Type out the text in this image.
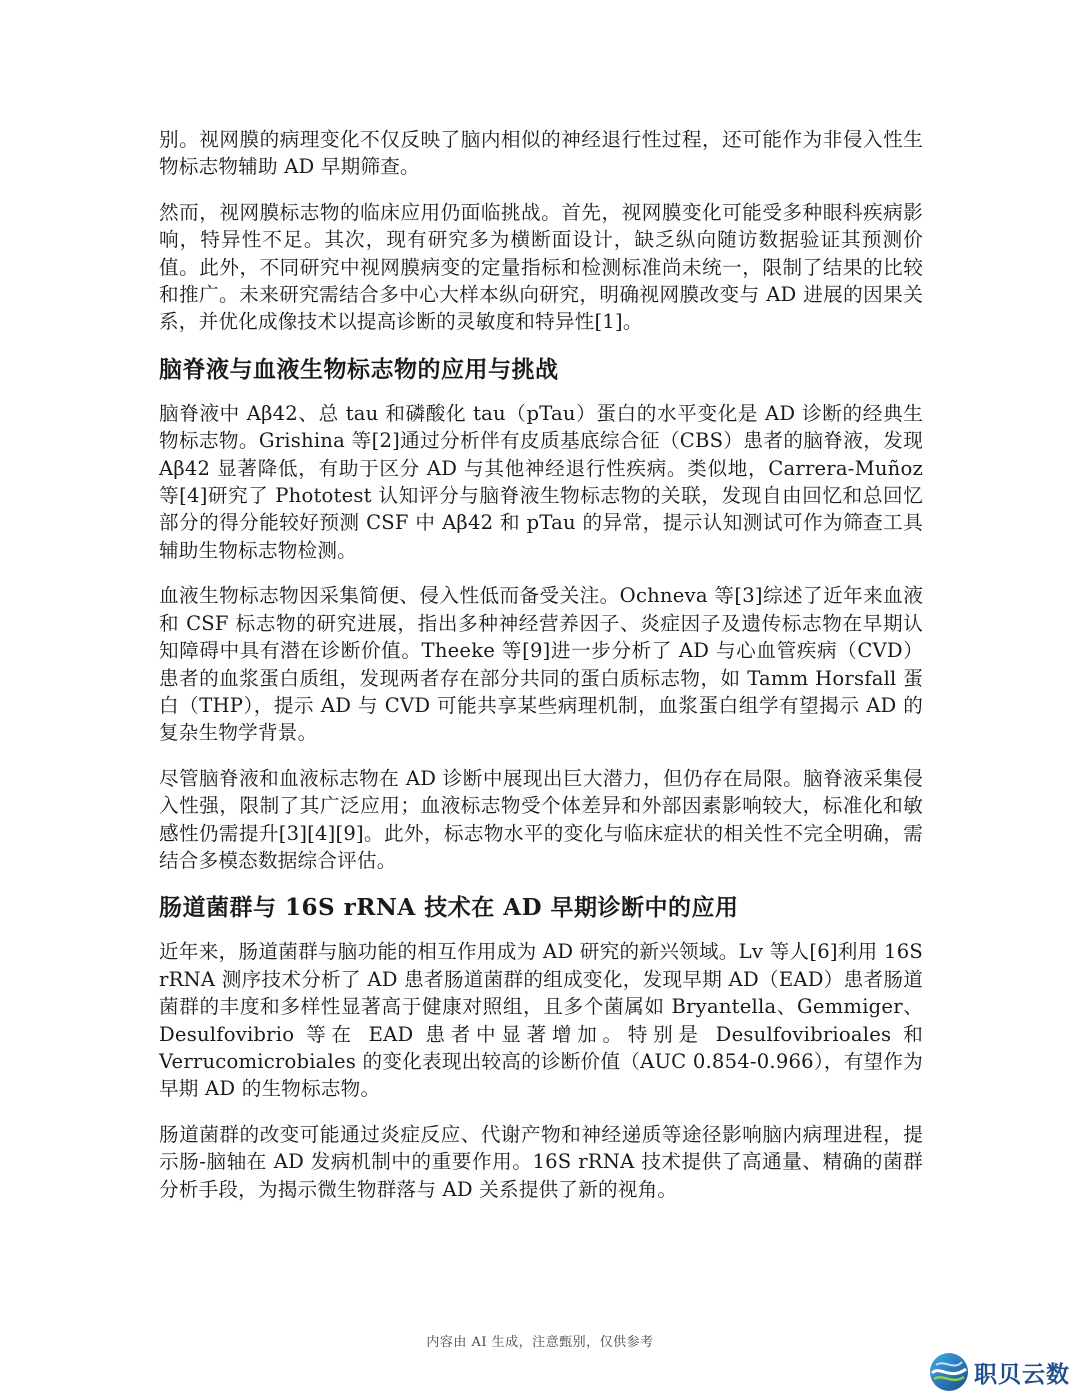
别。视网膜的病理变化不仅反映了脑内相似的神经退行性过程，还可能作为非侵入性生物标志物辅助 AD 早期筛查。

然而，视网膜标志物的临床应用仍面临挑战。首先，视网膜变化可能受多种眼科疾病影响，特异性不足。其次，现有研究多为横断面设计，缺乏纵向随访数据验证其预测价值。此外，不同研究中视网膜病变的定量指标和检测标准尚未统一，限制了结果的比较和推广。未来研究需结合多中心大样本纵向研究，明确视网膜改变与 AD 进展的因果关系，并优化成像技术以提高诊断的灵敏度和特异性[1]。

脑脊液与血液生物标志物的应用与挑战

脑脊液中 Aβ42、总 tau 和磷酸化 tau（pTau）蛋白的水平变化是 AD 诊断的经典生物标志物。Grishina 等[2]通过分析伴有皮质基底综合征（CBS）患者的脑脊液，发现 Aβ42 显著降低，有助于区分 AD 与其他神经退行性疾病。类似地，Carrera-Muñoz 等[4]研究了 Phototest 认知评分与脑脊液生物标志物的关联，发现自由回忆和总回忆部分的得分能较好预测 CSF 中 Aβ42 和 pTau 的异常，提示认知测试可作为筛查工具辅助生物标志物检测。

血液生物标志物因采集简便、侵入性低而备受关注。Ochneva 等[3]综述了近年来血液和 CSF 标志物的研究进展，指出多种神经营养因子、炎症因子及遗传标志物在早期认知障碍中具有潜在诊断价值。Theeke 等[9]进一步分析了 AD 与心血管疾病（CVD）患者的血浆蛋白质组，发现两者存在部分共同的蛋白质标志物，如 Tamm Horsfall 蛋白（THP），提示 AD 与 CVD 可能共享某些病理机制，血浆蛋白组学有望揭示 AD 的复杂生物学背景。

尽管脑脊液和血液标志物在 AD 诊断中展现出巨大潜力，但仍存在局限。脑脊液采集侵入性强，限制了其广泛应用；血液标志物受个体差异和外部因素影响较大，标准化和敏感性仍需提升[3][4][9]。此外，标志物水平的变化与临床症状的相关性不完全明确，需结合多模态数据综合评估。

肠道菌群与 16S rRNA 技术在 AD 早期诊断中的应用

近年来，肠道菌群与脑功能的相互作用成为 AD 研究的新兴领域。Lv 等人[6]利用 16S rRNA 测序技术分析了 AD 患者肠道菌群的组成变化，发现早期 AD（EAD）患者肠道菌群的丰度和多样性显著高于健康对照组，且多个菌属如 Bryantella、Gemmiger、Desulfovibrio 等在 EAD 患者中显著增加。特别是 Desulfovibrioales 和 Verrucomicrobiales 的变化表现出较高的诊断价值（AUC 0.854-0.966），有望作为早期 AD 的生物标志物。

肠道菌群的改变可能通过炎症反应、代谢产物和神经递质等途径影响脑内病理进程，提示肠-脑轴在 AD 发病机制中的重要作用。16S rRNA 技术提供了高通量、精确的菌群分析手段，为揭示微生物群落与 AD 关系提供了新的视角。

内容由 AI 生成，注意甄别，仅供参考
职贝云数
